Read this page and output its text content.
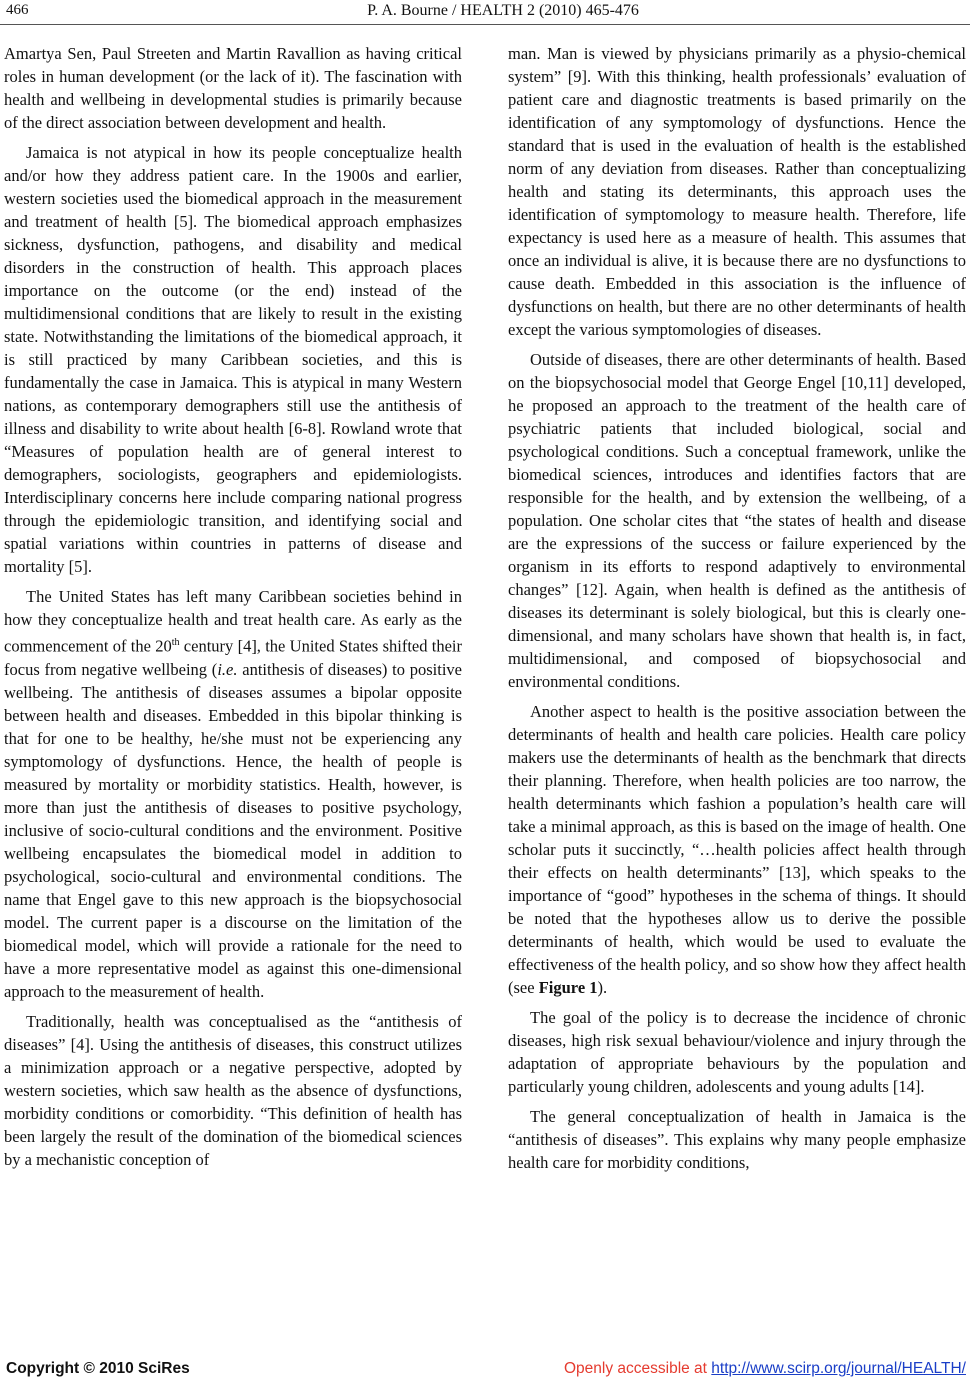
466	P. A. Bourne / HEALTH 2 (2010) 465-476

Amartya Sen, Paul Streeten and Martin Ravallion as having critical roles in human development (or the lack of it). The fascination with health and wellbeing in developmental studies is primarily because of the direct association between development and health.

Jamaica is not atypical in how its people conceptualize health and/or how they address patient care. In the 1900s and earlier, western societies used the biomedical approach in the measurement and treatment of health [5]. The biomedical approach emphasizes sickness, dysfunction, pathogens, and disability and medical disorders in the construction of health. This approach places importance on the outcome (or the end) instead of the multidimensional conditions that are likely to result in the existing state. Notwithstanding the limitations of the biomedical approach, it is still practiced by many Caribbean societies, and this is fundamentally the case in Jamaica. This is atypical in many Western nations, as contemporary demographers still use the antithesis of illness and disability to write about health [6-8]. Rowland wrote that “Measures of population health are of general interest to demographers, sociologists, geographers and epidemiologists. Interdisciplinary concerns here include comparing national progress through the epidemiologic transition, and identifying social and spatial variations within countries in patterns of disease and mortality [5].

The United States has left many Caribbean societies behind in how they conceptualize health and treat health care. As early as the commencement of the 20th century [4], the United States shifted their focus from negative wellbeing (i.e. antithesis of diseases) to positive wellbeing. The antithesis of diseases assumes a bipolar opposite between health and diseases. Embedded in this bipolar thinking is that for one to be healthy, he/she must not be experiencing any symptomology of dysfunctions. Hence, the health of people is measured by mortality or morbidity statistics. Health, however, is more than just the antithesis of diseases to positive psychology, inclusive of socio-cultural conditions and the environment. Positive wellbeing encapsulates the biomedical model in addition to psychological, socio-cultural and environmental conditions. The name that Engel gave to this new approach is the biopsychosocial model. The current paper is a discourse on the limitation of the biomedical model, which will provide a rationale for the need to have a more representative model as against this one-dimensional approach to the measurement of health.

Traditionally, health was conceptualised as the “antithesis of diseases” [4]. Using the antithesis of diseases, this construct utilizes a minimization approach or a negative perspective, adopted by western societies, which saw health as the absence of dysfunctions, morbidity conditions or comorbidity. “This definition of health has been largely the result of the domination of the biomedical sciences by a mechanistic conception of

man. Man is viewed by physicians primarily as a physio-chemical system” [9]. With this thinking, health professionals’ evaluation of patient care and diagnostic treatments is based primarily on the identification of any symptomology of dysfunctions. Hence the standard that is used in the evaluation of health is the established norm of any deviation from diseases. Rather than conceptualizing health and stating its determinants, this approach uses the identification of symptomology to measure health. Therefore, life expectancy is used here as a measure of health. This assumes that once an individual is alive, it is because there are no dysfunctions to cause death. Embedded in this association is the influence of dysfunctions on health, but there are no other determinants of health except the various symptomologies of diseases.

Outside of diseases, there are other determinants of health. Based on the biopsychosocial model that George Engel [10,11] developed, he proposed an approach to the treatment of the health care of psychiatric patients that included biological, social and psychological conditions. Such a conceptual framework, unlike the biomedical sciences, introduces and identifies factors that are responsible for the health, and by extension the wellbeing, of a population. One scholar cites that “the states of health and disease are the expressions of the success or failure experienced by the organism in its efforts to respond adaptively to environmental changes” [12]. Again, when health is defined as the antithesis of diseases its determinant is solely biological, but this is clearly one-dimensional, and many scholars have shown that health is, in fact, multidimensional, and composed of biopsychosocial and environmental conditions.

Another aspect to health is the positive association between the determinants of health and health care policies. Health care policy makers use the determinants of health as the benchmark that directs their planning. Therefore, when health policies are too narrow, the health determinants which fashion a population’s health care will take a minimal approach, as this is based on the image of health. One scholar puts it succinctly, “…health policies affect health through their effects on health determinants” [13], which speaks to the importance of “good” hypotheses in the schema of things. It should be noted that the hypotheses allow us to derive the possible determinants of health, which would be used to evaluate the effectiveness of the health policy, and so show how they affect health (see Figure 1).

The goal of the policy is to decrease the incidence of chronic diseases, high risk sexual behaviour/violence and injury through the adaptation of appropriate behaviours by the population and particularly young children, adolescents and young adults [14].

The general conceptualization of health in Jamaica is the “antithesis of diseases”. This explains why many people emphasize health care for morbidity conditions,

Copyright © 2010 SciRes	Openly accessible at http://www.scirp.org/journal/HEALTH/
